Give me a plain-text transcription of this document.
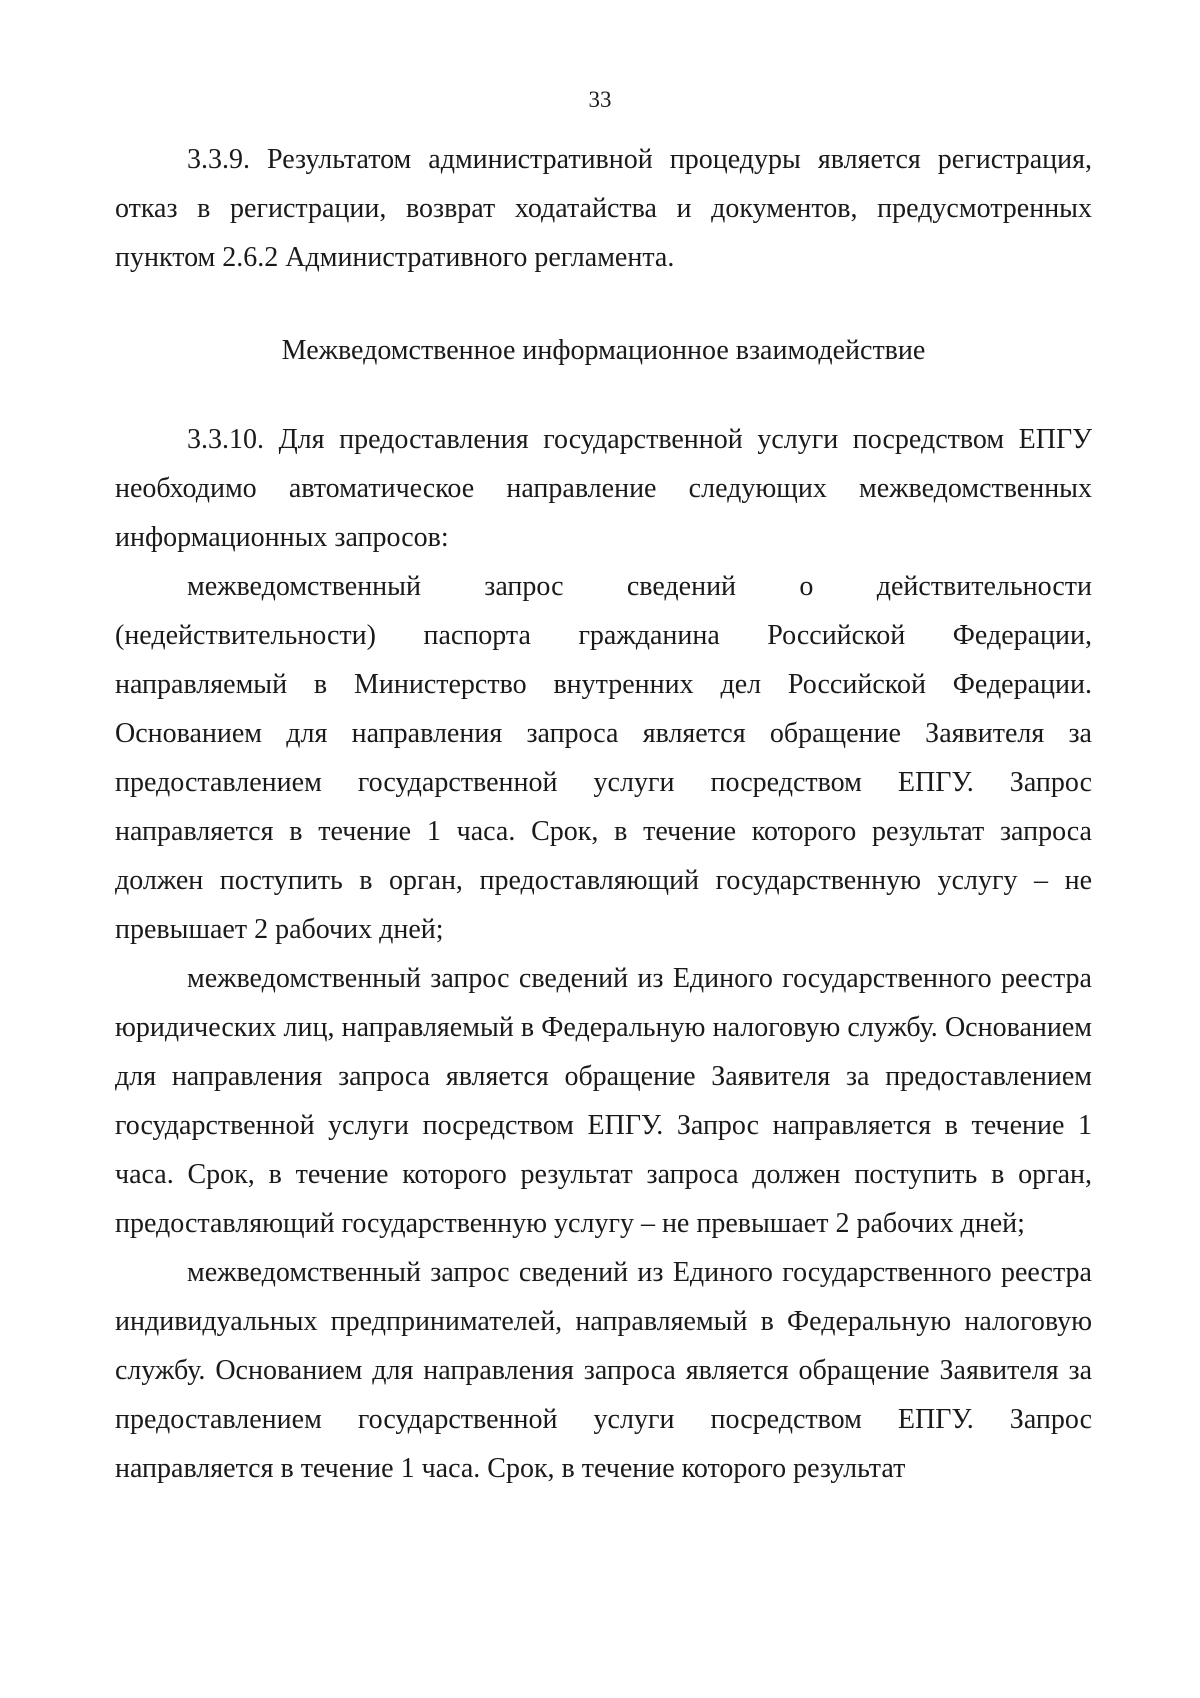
33

3.3.9. Результатом административной процедуры является регистрация, отказ в регистрации, возврат ходатайства и документов, предусмотренных пунктом 2.6.2 Административного регламента.

Межведомственное информационное взаимодействие

3.3.10. Для предоставления государственной услуги посредством ЕПГУ необходимо автоматическое направление следующих межведомственных информационных запросов:

межведомственный запрос сведений о действительности (недействительности) паспорта гражданина Российской Федерации, направляемый в Министерство внутренних дел Российской Федерации. Основанием для направления запроса является обращение Заявителя за предоставлением государственной услуги посредством ЕПГУ. Запрос направляется в течение 1 часа. Срок, в течение которого результат запроса должен поступить в орган, предоставляющий государственную услугу – не превышает 2 рабочих дней;

межведомственный запрос сведений из Единого государственного реестра юридических лиц, направляемый в Федеральную налоговую службу. Основанием для направления запроса является обращение Заявителя за предоставлением государственной услуги посредством ЕПГУ. Запрос направляется в течение 1 часа. Срок, в течение которого результат запроса должен поступить в орган, предоставляющий государственную услугу – не превышает 2 рабочих дней;

межведомственный запрос сведений из Единого государственного реестра индивидуальных предпринимателей, направляемый в Федеральную налоговую службу. Основанием для направления запроса является обращение Заявителя за предоставлением государственной услуги посредством ЕПГУ. Запрос направляется в течение 1 часа. Срок, в течение которого результат
